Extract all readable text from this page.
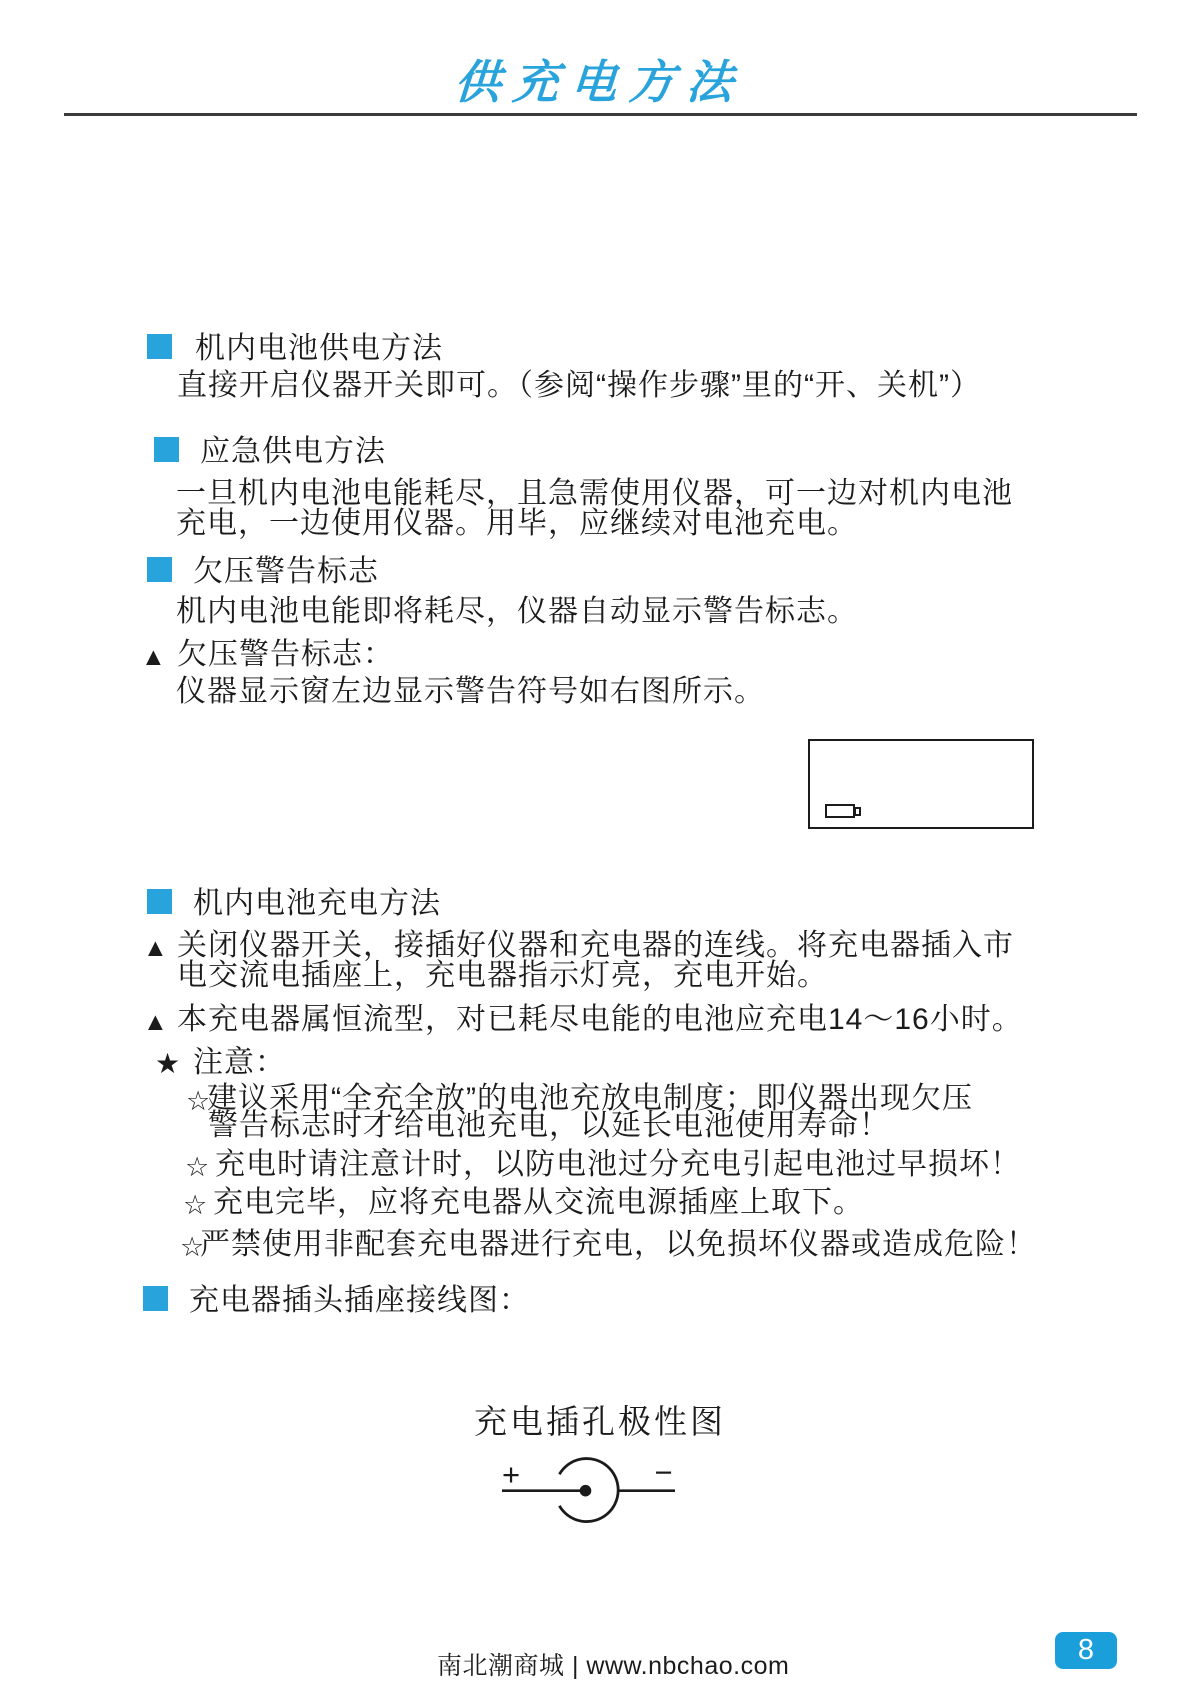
供充电方法
机内电池供电方法
直接开启仪器开关即可。（参阅“操作步骤”里的“开、关机”）
应急供电方法
一旦机内电池电能耗尽，且急需使用仪器，可一边对机内电池
充电，一边使用仪器。用毕，应继续对电池充电。
欠压警告标志
机内电池电能即将耗尽，仪器自动显示警告标志。
▲ 欠压警告标志：
仪器显示窗左边显示警告符号如右图所示。
机内电池充电方法
▲ 关闭仪器开关，接插好仪器和充电器的连线。将充电器插入市
电交流电插座上，充电器指示灯亮，充电开始。
▲ 本充电器属恒流型，对已耗尽电能的电池应充电14～16小时。
★ 注意：
☆
建议采用“全充全放”的电池充放电制度；即仪器出现欠压
警告标志时才给电池充电，以延长电池使用寿命！
☆ 充电时请注意计时，以防电池过分充电引起电池过早损坏！
☆ 充电完毕，应将充电器从交流电源插座上取下。
☆
严禁使用非配套充电器进行充电，以免损坏仪器或造成危险！
充电器插头插座接线图：
充电插孔极性图
+	−
南北潮商城 | www.nbchao.com	8
